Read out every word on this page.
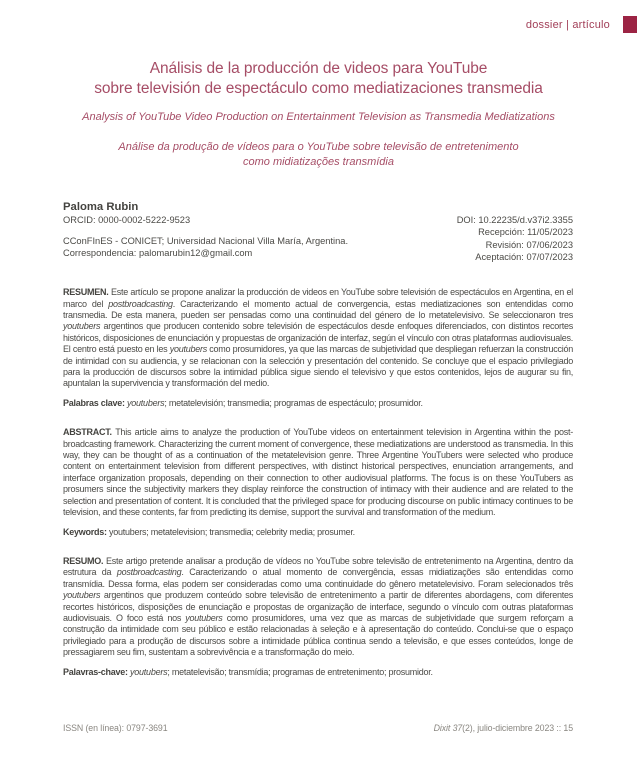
dossier | artículo
Análisis de la producción de videos para YouTube
sobre televisión de espectáculo como mediatizaciones transmedia
Analysis of YouTube Video Production on Entertainment Television as Transmedia Mediatizations
Análise da produção de vídeos para o YouTube sobre televisão de entretenimento
como midiatizações transmídia
Paloma Rubin
ORCID: 0000-0002-5222-9523
CConFInES - CONICET; Universidad Nacional Villa María, Argentina.
Correspondencia: palomarubin12@gmail.com
DOI: 10.22235/d.v37i2.3355
Recepción: 11/05/2023
Revisión: 07/06/2023
Aceptación: 07/07/2023

RESUMEN. Este artículo se propone analizar la producción de videos en YouTube sobre televisión de espectáculos en Argentina, en el marco del postbroadcasting. Caracterizando el momento actual de convergencia, estas mediatizaciones son entendidas como transmedia. De esta manera, pueden ser pensadas como una continuidad del género de lo metatelevisivo. Se seleccionaron tres youtubers argentinos que producen contenido sobre televisión de espectáculos desde enfoques diferenciados, con distintos recortes históricos, disposiciones de enunciación y propuestas de organización de interfaz, según el vínculo con otras plataformas audiovisuales. El centro está puesto en les youtubers como prosumidores, ya que las marcas de subjetividad que despliegan refuerzan la construcción de intimidad con su audiencia, y se relacionan con la selección y presentación del contenido. Se concluye que el espacio privilegiado para la producción de discursos sobre la intimidad pública sigue siendo el televisivo y que estos contenidos, lejos de augurar su fin, apuntalan la supervivencia y transformación del medio.

Palabras clave: youtubers; metatelevisión; transmedia; programas de espectáculo; prosumidor.

ABSTRACT. This article aims to analyze the production of YouTube videos on entertainment television in Argentina within the post-broadcasting framework. Characterizing the current moment of convergence, these mediatizations are understood as transmedia. In this way, they can be thought of as a continuation of the metatelevision genre. Three Argentine YouTubers were selected who produce content on entertainment television from different perspectives, with distinct historical perspectives, enunciation arrangements, and interface organization proposals, depending on their connection to other audiovisual platforms. The focus is on these YouTubers as prosumers since the subjectivity markers they display reinforce the construction of intimacy with their audience and are related to the selection and presentation of content. It is concluded that the privileged space for producing discourse on public intimacy continues to be television, and these contents, far from predicting its demise, support the survival and transformation of the medium.

Keywords: youtubers; metatelevision; transmedia; celebrity media; prosumer.

RESUMO. Este artigo pretende analisar a produção de vídeos no YouTube sobre televisão de entretenimento na Argentina, dentro da estrutura da postbroadcasting. Caracterizando o atual momento de convergência, essas midiatizações são entendidas como transmídia. Dessa forma, elas podem ser consideradas como uma continuidade do gênero metatelevisivo. Foram selecionados três youtubers argentinos que produzem conteúdo sobre televisão de entretenimento a partir de diferentes abordagens, com diferentes recortes históricos, disposições de enunciação e propostas de organização de interface, segundo o vínculo com outras plataformas audiovisuais. O foco está nos youtubers como prosumidores, uma vez que as marcas de subjetividade que surgem reforçam a construção da intimidade com seu público e estão relacionadas à seleção e à apresentação do conteúdo. Conclui-se que o espaço privilegiado para a produção de discursos sobre a intimidade pública continua sendo a televisão, e que esses conteúdos, longe de pressagiarem seu fim, sustentam a sobrevivência e a transformação do meio.

Palavras-chave: youtubers; metatelevisão; transmídia; programas de entretenimento; prosumidor.

ISSN (en línea): 0797-3691	Dixit 37(2), julio-diciembre 2023 :: 15
